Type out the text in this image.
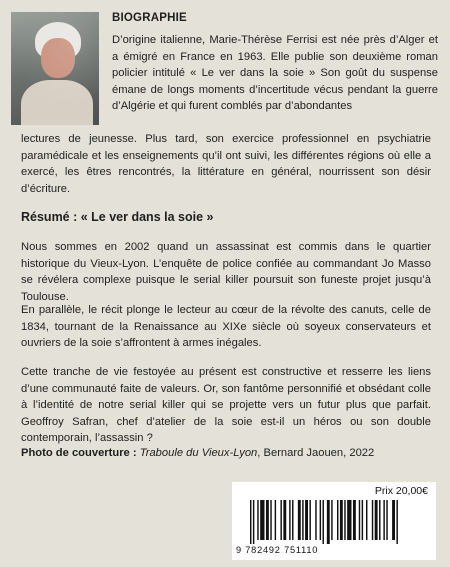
BIOGRAPHIE
D’origine italienne, Marie-Thérèse Ferrisi est née près d’Alger et a émigré en France en 1963. Elle publie son deuxième roman policier intitulé « Le ver dans la soie » Son goût du suspense émane de longs moments d’incertitude vécus pendant la guerre d’Algérie et qui furent comblés par d’abondantes
lectures de jeunesse. Plus tard, son exercice professionnel en psychiatrie paramédicale et les enseignements qu’il ont suivi, les différentes régions où elle a exercé, les êtres rencontrés, la littérature en général, nourrissent son désir d’écriture.
Résumé : « Le ver dans la soie »
Nous sommes en 2002 quand un assassinat est commis dans le quartier historique du Vieux-Lyon. L’enquête de police confiée au commandant Jo Masso se révélera complexe puisque le serial killer poursuit son funeste projet jusqu’à Toulouse.
En parallèle, le récit plonge le lecteur au cœur de la révolte des canuts, celle de 1834, tournant de la Renaissance au XIXe siècle où soyeux conservateurs et ouvriers de la soie s’affrontent à armes inégales.
Cette tranche de vie festoyée au présent est constructive et resserre les liens d’une communauté faite de valeurs. Or, son fantôme personnifié et obsédant colle à l’identité de notre serial killer qui se projette vers un futur plus que parfait. Geoffroy Safran, chef d’atelier de la soie est-il un héros ou son double contemporain, l’assassin ?
Photo de couverture : Traboule du Vieux-Lyon, Bernard Jaouen, 2022
Prix 20,00€
9 782492 751110
